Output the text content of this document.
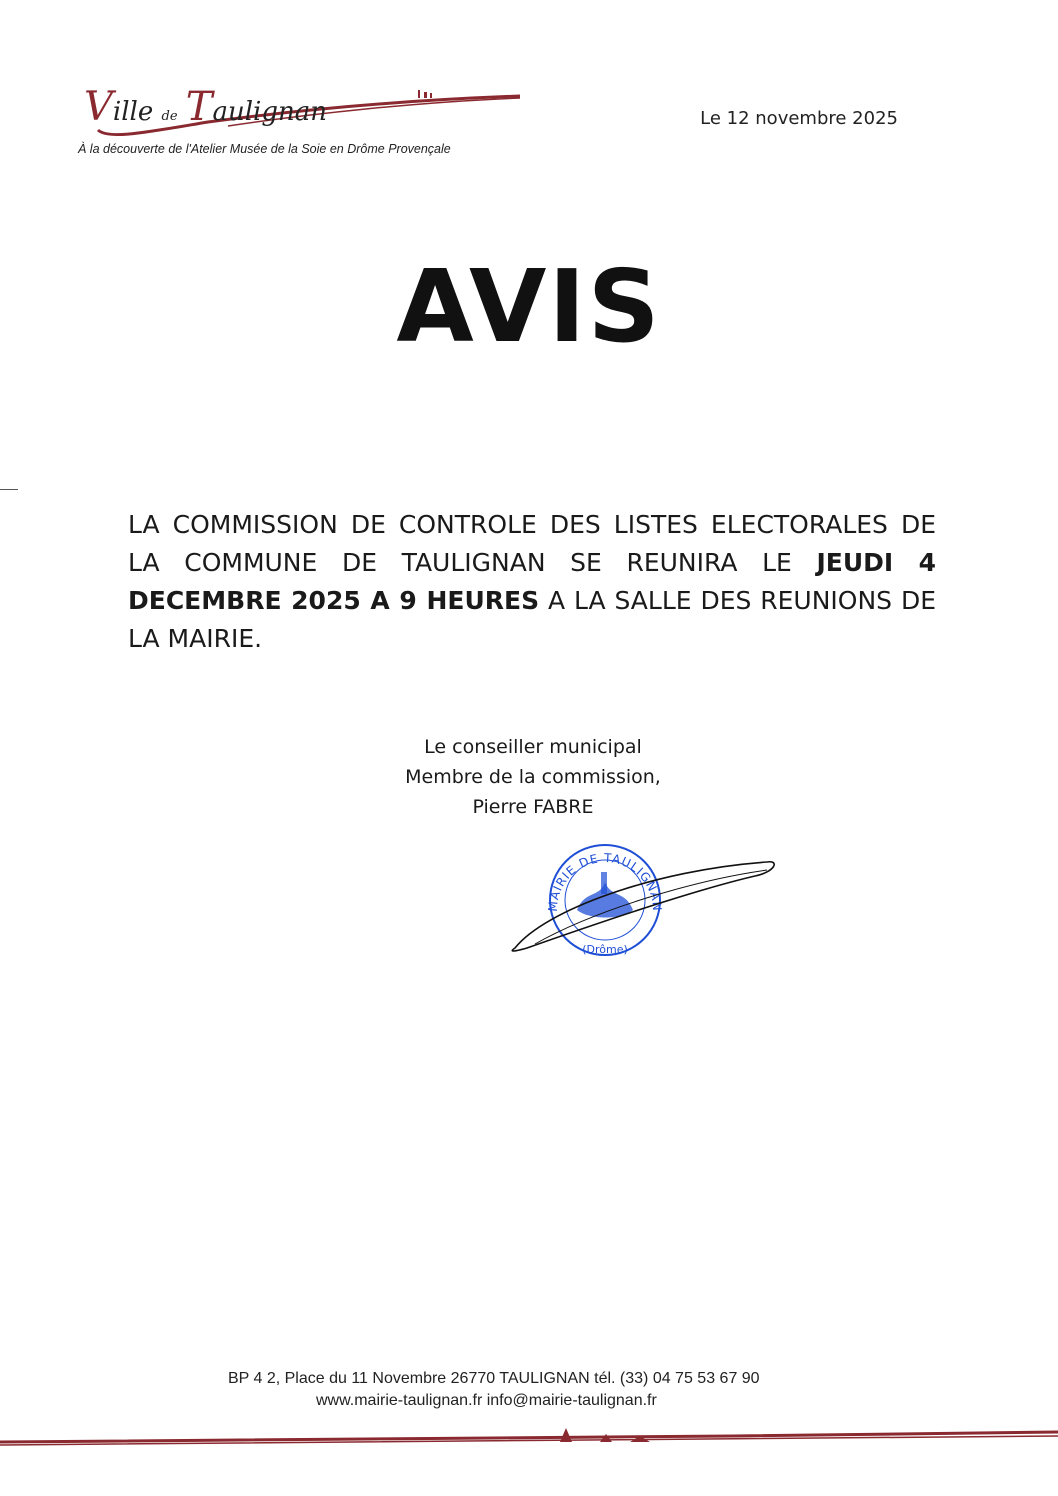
Ville de Taulignan
À la découverte de l'Atelier Musée de la Soie en Drôme Provençale
Le 12 novembre 2025
AVIS
LA COMMISSION DE CONTROLE DES LISTES ELECTORALES DE LA COMMUNE DE TAULIGNAN SE REUNIRA LE JEUDI 4 DECEMBRE 2025 A 9 HEURES A LA SALLE DES REUNIONS DE LA MAIRIE.
Le conseiller municipal
Membre de la commission,
Pierre FABRE
MAIRIE DE TAULIGNAN
(Drôme)
BP 4 2, Place du 11 Novembre 26770 TAULIGNAN tél. (33) 04 75 53 67 90
www.mairie-taulignan.fr info@mairie-taulignan.fr
